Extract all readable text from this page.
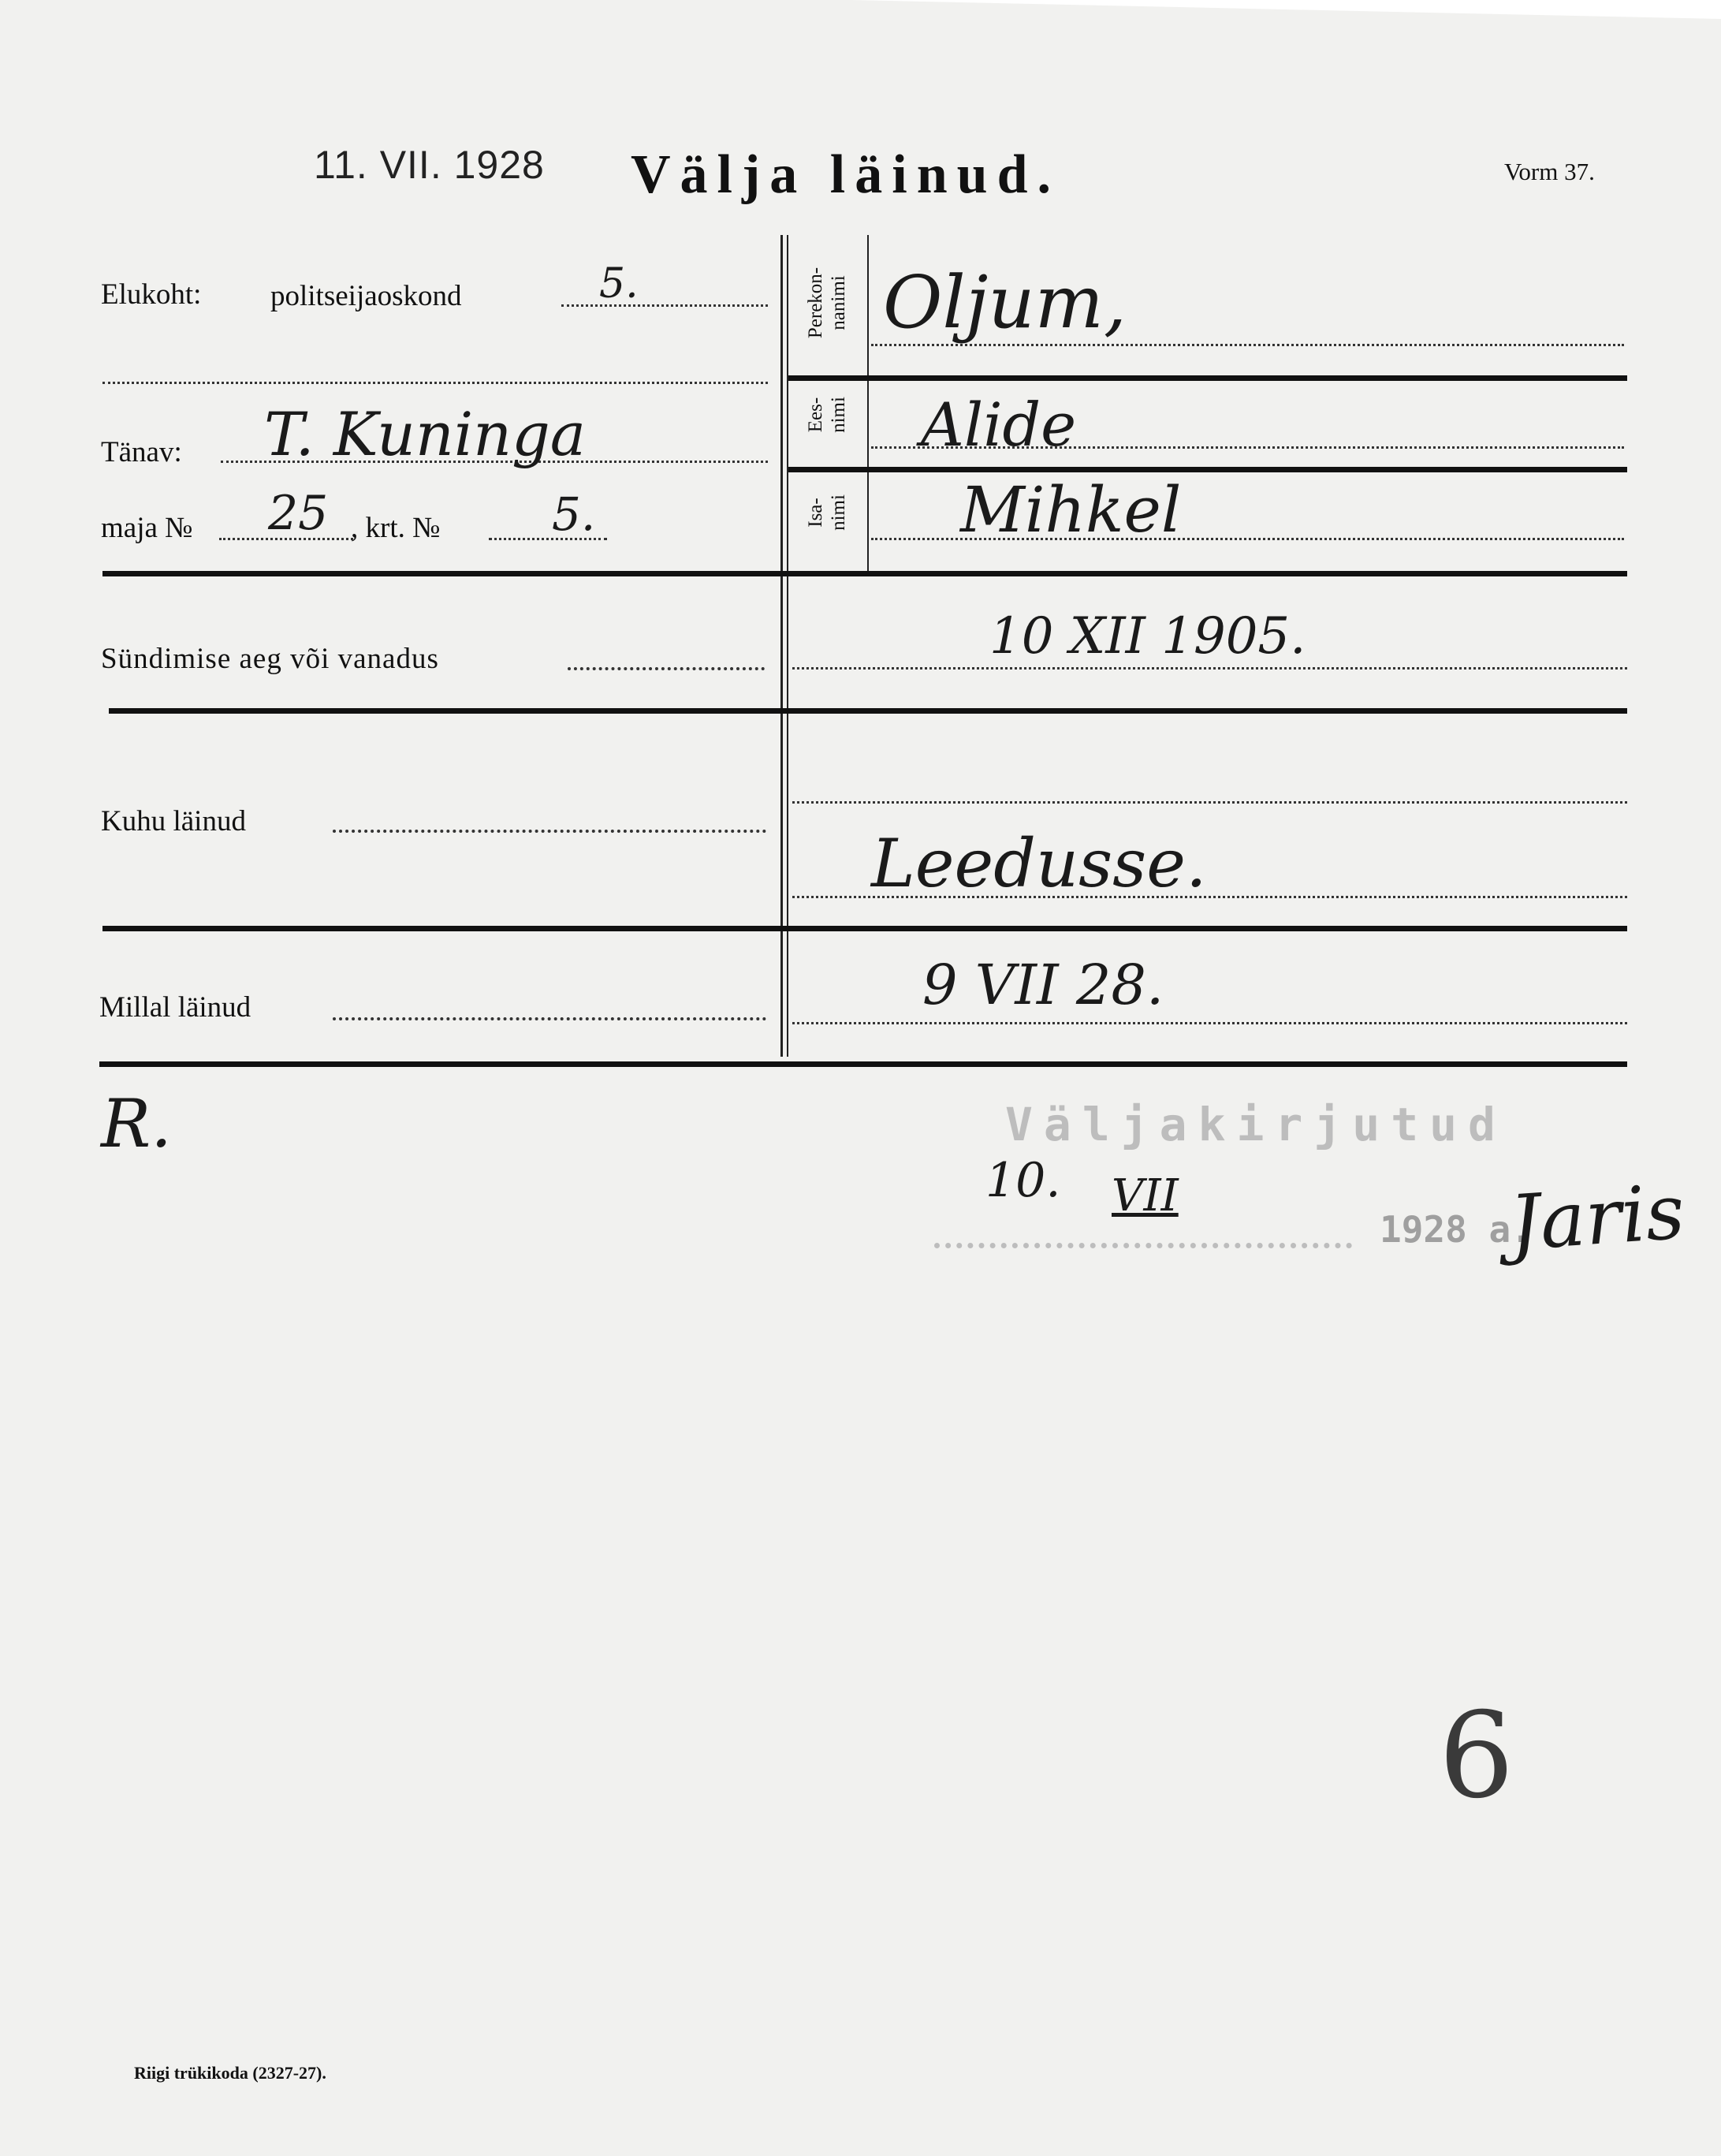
11. VII. 1928 Välja läinud.	Vorm 37.
Elukoht: politseijaoskond	5.
Tänav: T. Kuninga
maja № 25 , krt. № 5.
Perekon- nanimi Oljum,
Ees- nimi Alide
Isa- nimi Mihkel
Sündimise aeg või vanadus	10 XII 1905.
Kuhu läinud
Leedusse.
Millal läinud	9 VII 28.
R.	Väljakirjutud
10. VII
1928 a.
Jaris
6
Riigi trükikoda (2327-27).
